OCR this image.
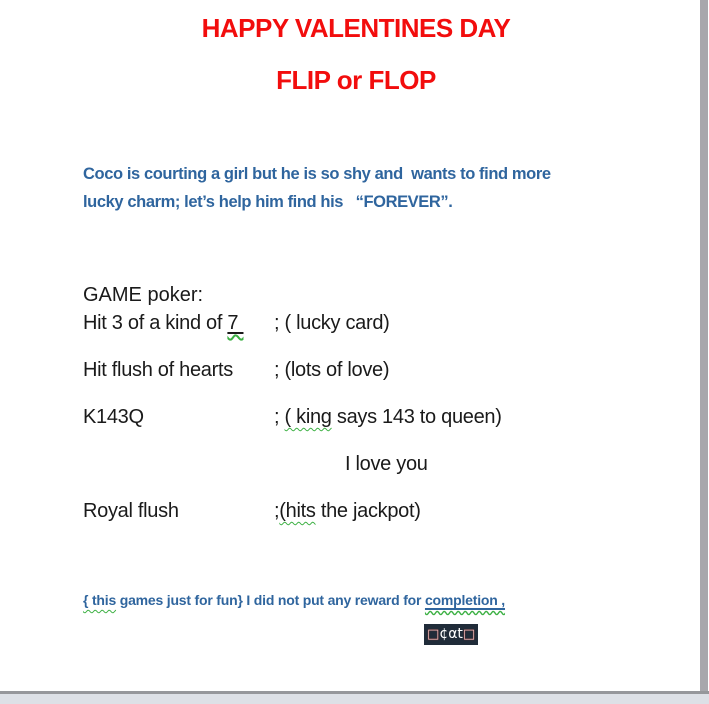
HAPPY VALENTINES DAY
FLIP or FLOP
Coco is courting a girl but he is so shy and  wants to find more
lucky charm; let’s help him find his   “FOREVER”.
GAME poker:
Hit 3 of a kind of 7	; ( lucky card)
Hit flush of hearts	; (lots of love)
K143Q	; ( king says 143 to queen)
I love you
Royal flush	;(hits the jackpot)
{ this games just for fun} I did not put any reward for completion ,
□¢αt□
